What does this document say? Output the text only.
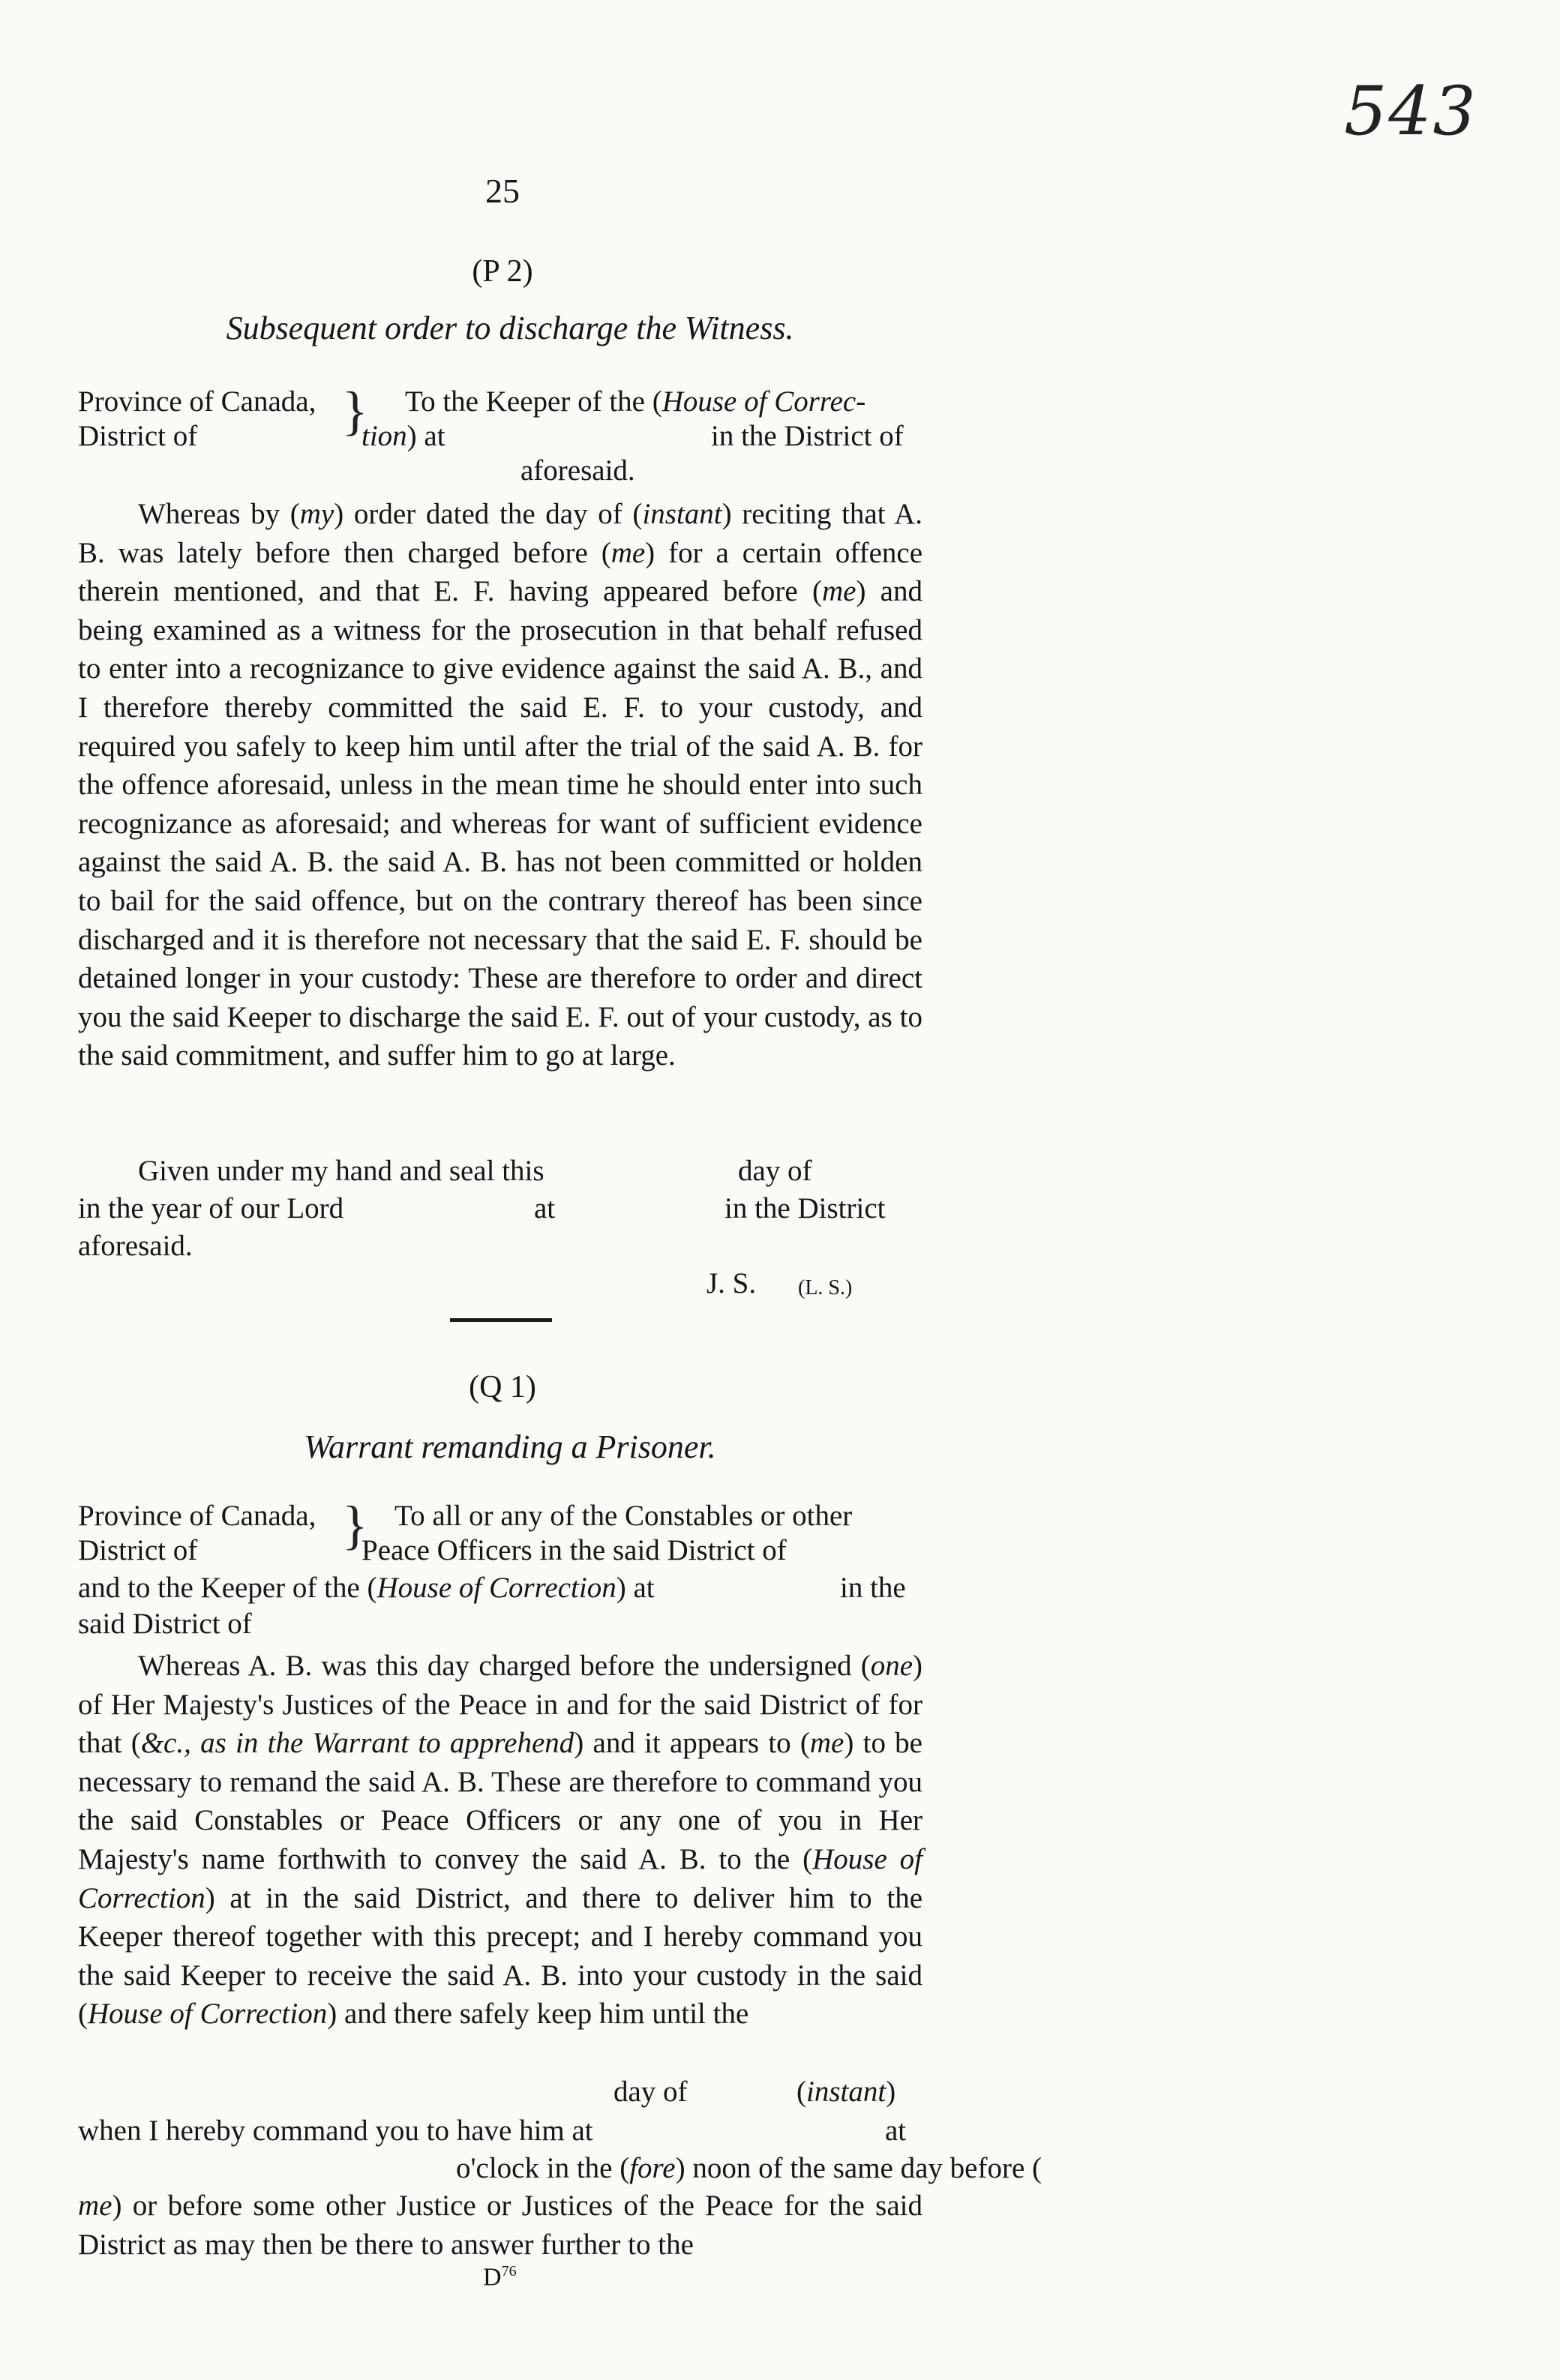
543
25
(P 2)
Subsequent order to discharge the Witness.
Province of Canada,
District of	} To the Keeper of the (House of Correc-
tion) at	in the District of
aforesaid.

Whereas by (my) order dated the day of (instant) reciting that A. B. was lately before then charged before (me) for a certain offence therein mentioned, and that E. F. having appeared before (me) and being examined as a witness for the prosecution in that behalf refused to enter into a recognizance to give evidence against the said A. B., and I therefore thereby committed the said E. F. to your custody, and required you safely to keep him until after the trial of the said A. B. for the offence aforesaid, unless in the mean time he should enter into such recognizance as aforesaid; and whereas for want of sufficient evidence against the said A. B. the said A. B. has not been committed or holden to bail for the said offence, but on the contrary thereof has been since discharged and it is therefore not necessary that the said E. F. should be detained longer in your custody: These are therefore to order and direct you the said Keeper to discharge the said E. F. out of your custody, as to the said commitment, and suffer him to go at large.

Given under my hand and seal this	day of
in the year of our Lord	at	in the District
aforesaid.
J. S. (L. S.)
(Q 1)
Warrant remanding a Prisoner.
Province of Canada,
District of	} To all or any of the Constables or other
Peace Officers in the said District of
and to the Keeper of the (House of Correction) at	in the
said District of

Whereas A. B. was this day charged before the undersigned (one) of Her Majesty's Justices of the Peace in and for the said District of for that (&c., as in the Warrant to apprehend) and it appears to (me) to be necessary to remand the said A. B. These are therefore to command you the said Constables or Peace Officers or any one of you in Her Majesty's name forthwith to convey the said A. B. to the (House of Correction) at in the said District, and there to deliver him to the Keeper thereof together with this precept; and I hereby command you the said Keeper to receive the said A. B. into your custody in the said (House of Correction) and there safely keep him until the

day of	(instant)
when I hereby command you to have him at	at
o'clock in the (fore) noon of the same day before (

me) or before some other Justice or Justices of the Peace for the said District as may then be there to answer further to the

$D^{76}$
